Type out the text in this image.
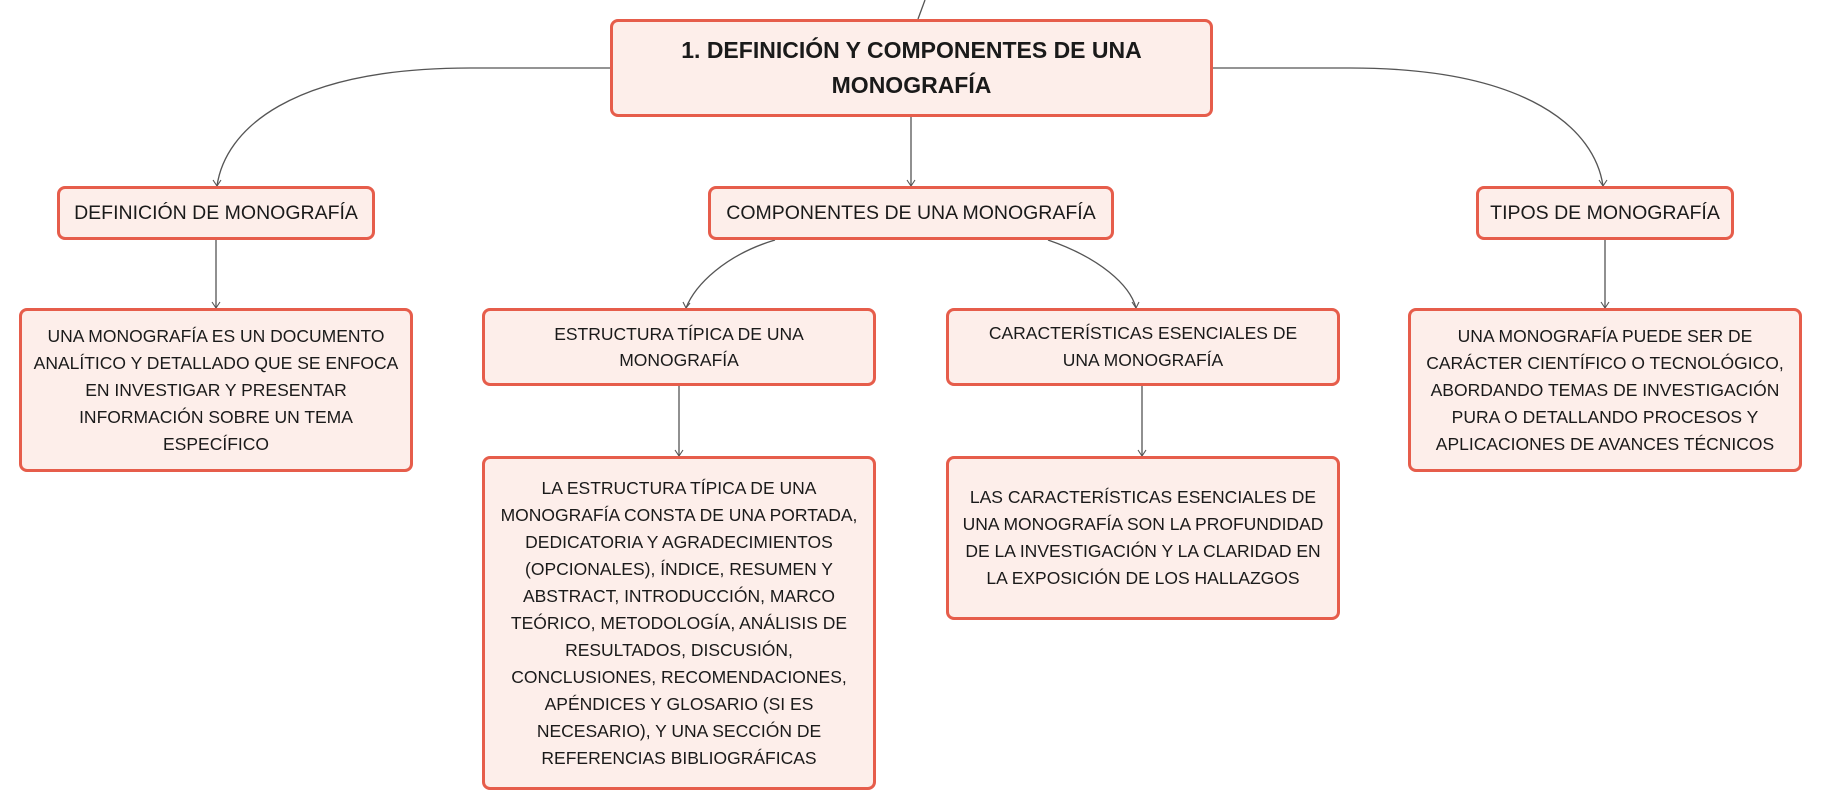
1. DEFINICIÓN Y COMPONENTES DE UNA MONOGRAFÍA
DEFINICIÓN DE MONOGRAFÍA	COMPONENTES DE UNA MONOGRAFÍA	TIPOS DE MONOGRAFÍA
UNA MONOGRAFÍA ES UN DOCUMENTO ANALÍTICO Y DETALLADO QUE SE ENFOCA EN INVESTIGAR Y PRESENTAR INFORMACIÓN SOBRE UN TEMA ESPECÍFICO
ESTRUCTURA TÍPICA DE UNA MONOGRAFÍA
CARACTERÍSTICAS ESENCIALES DE UNA MONOGRAFÍA
LA ESTRUCTURA TÍPICA DE UNA MONOGRAFÍA CONSTA DE UNA PORTADA, DEDICATORIA Y AGRADECIMIENTOS (OPCIONALES), ÍNDICE, RESUMEN Y ABSTRACT, INTRODUCCIÓN, MARCO TEÓRICO, METODOLOGÍA, ANÁLISIS DE RESULTADOS, DISCUSIÓN, CONCLUSIONES, RECOMENDACIONES, APÉNDICES Y GLOSARIO (SI ES NECESARIO), Y UNA SECCIÓN DE REFERENCIAS BIBLIOGRÁFICAS
LAS CARACTERÍSTICAS ESENCIALES DE UNA MONOGRAFÍA SON LA PROFUNDIDAD DE LA INVESTIGACIÓN Y LA CLARIDAD EN LA EXPOSICIÓN DE LOS HALLAZGOS
UNA MONOGRAFÍA PUEDE SER DE CARÁCTER CIENTÍFICO O TECNOLÓGICO, ABORDANDO TEMAS DE INVESTIGACIÓN PURA O DETALLANDO PROCESOS Y APLICACIONES DE AVANCES TÉCNICOS
